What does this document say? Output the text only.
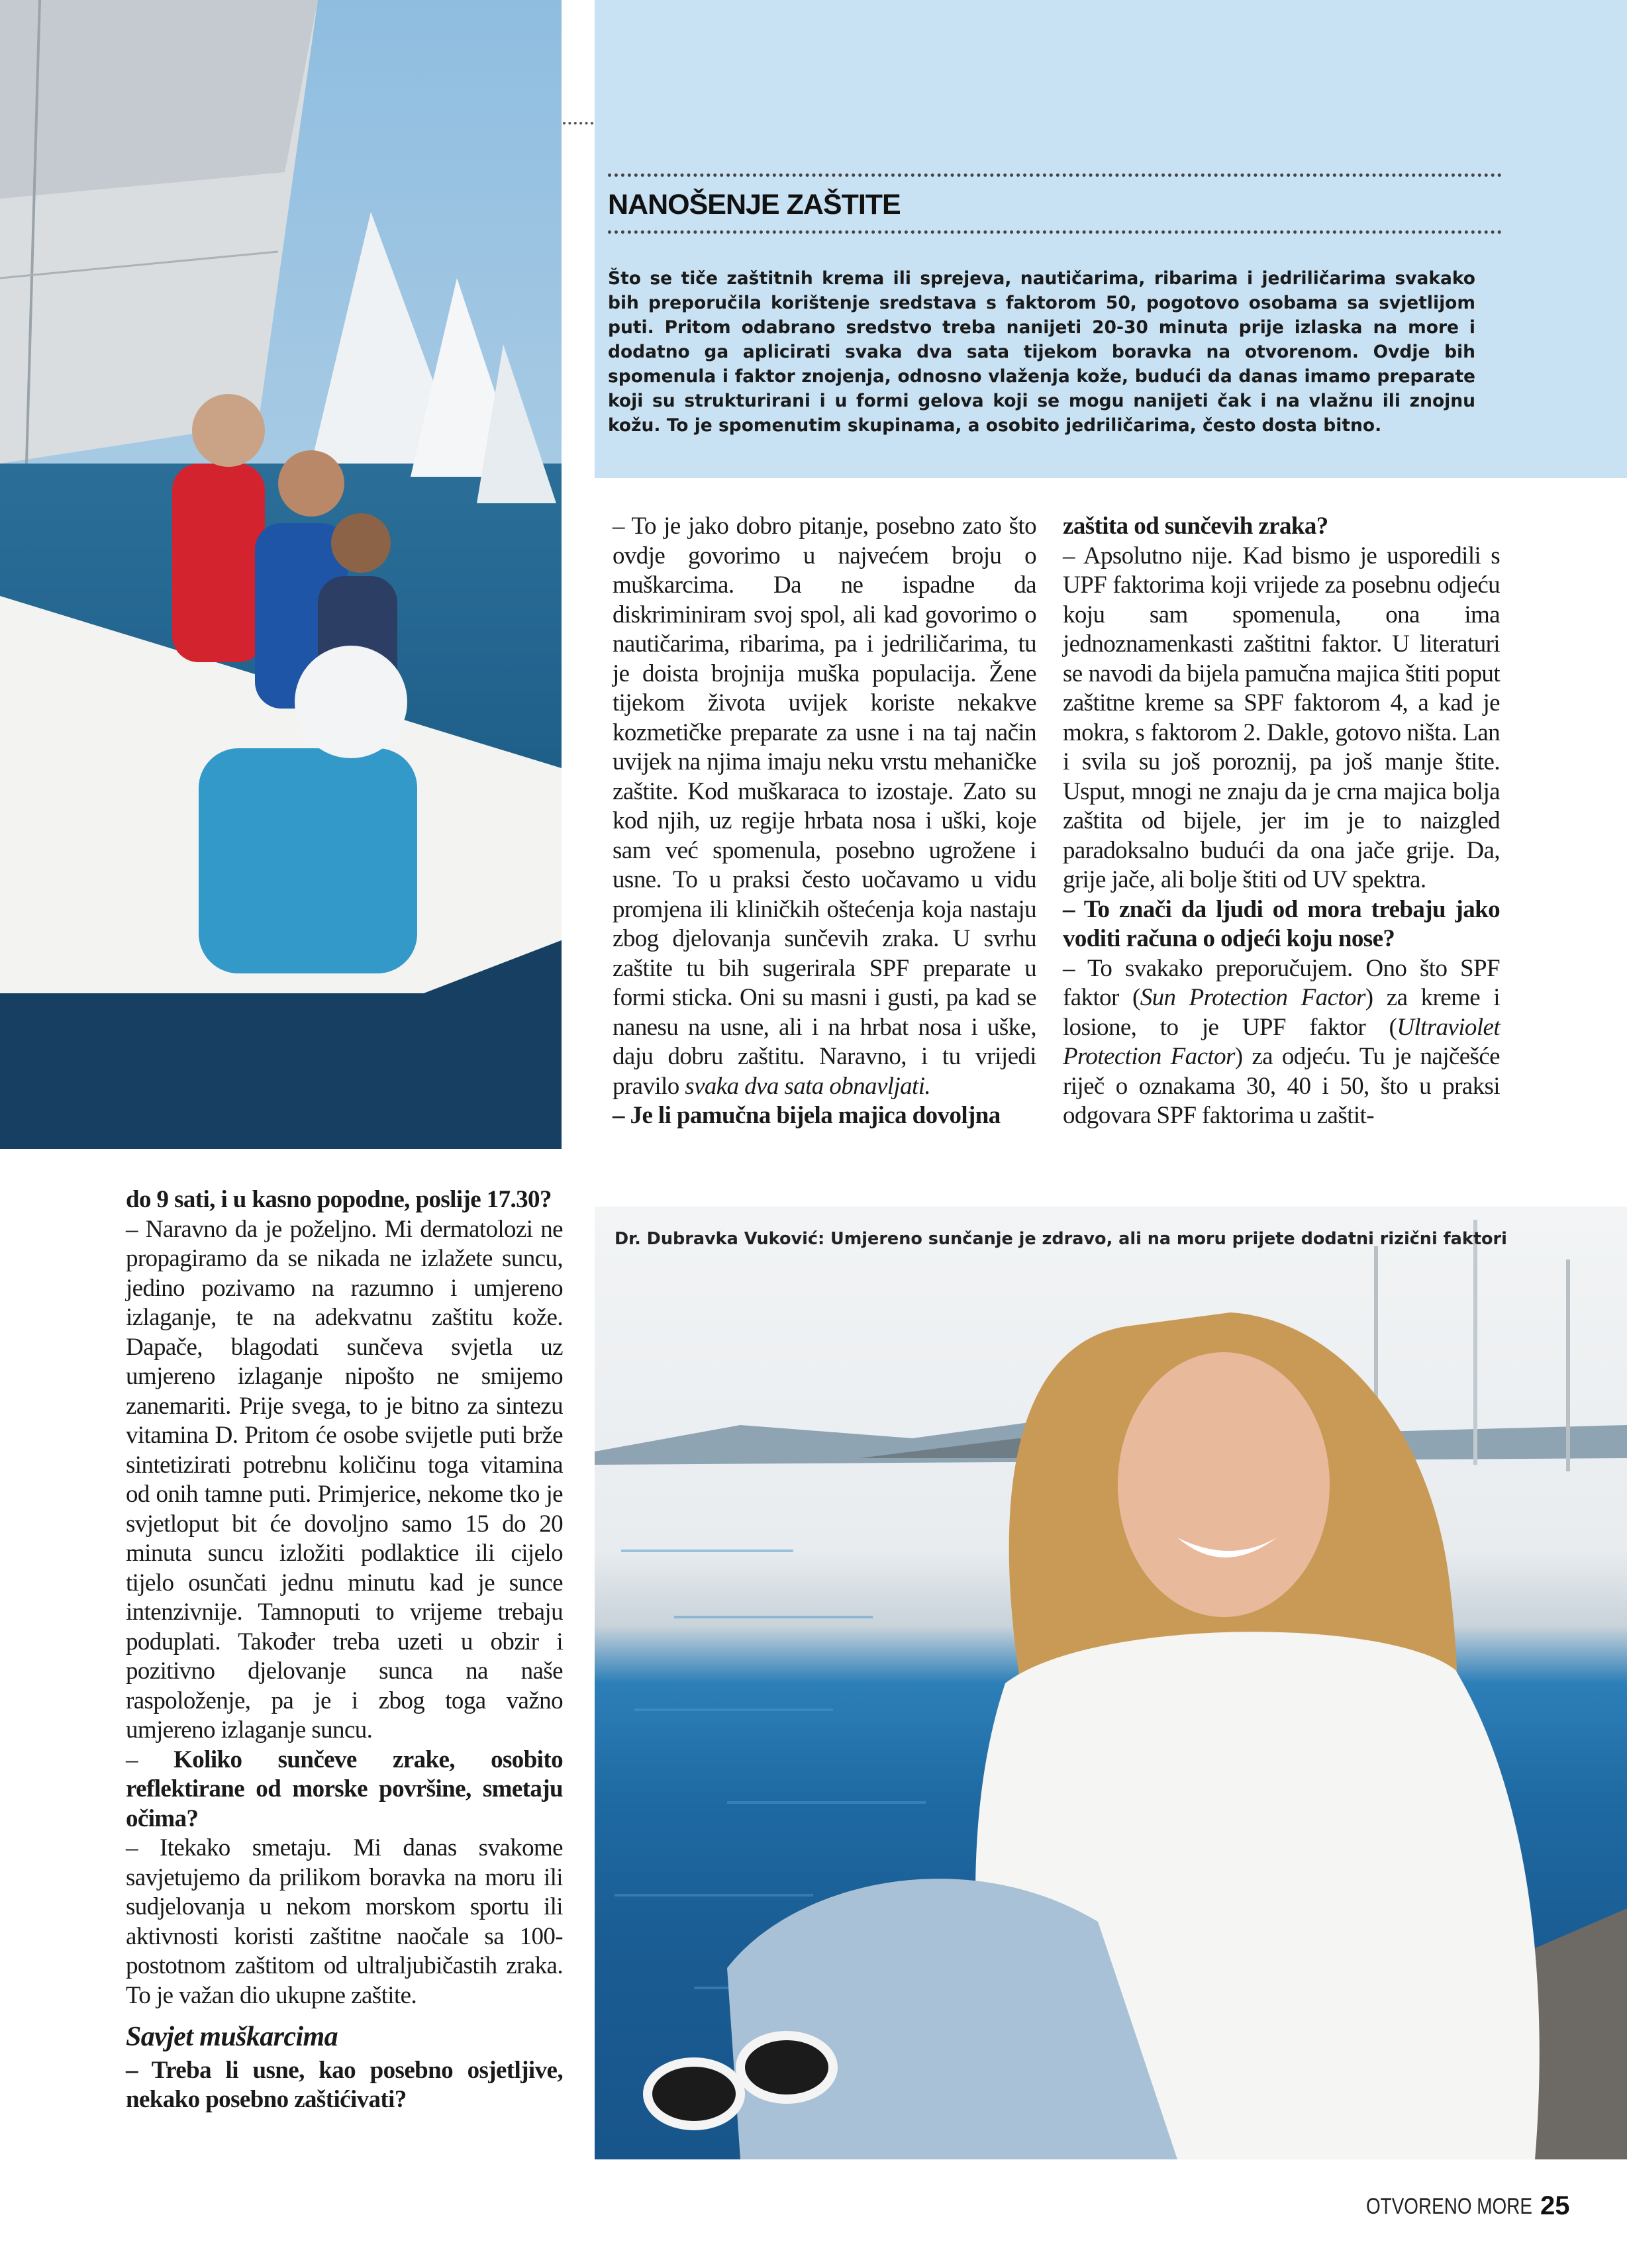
NANOŠENJE ZAŠTITE

Što se tiče zaštitnih krema ili sprejeva, nautičarima, ribarima i jedriličarima svakako bih preporučila korištenje sredstava s faktorom 50, pogotovo osobama sa svjetlijom puti. Pritom odabrano sredstvo treba nanijeti 20-30 minuta prije izlaska na more i dodatno ga aplicirati svaka dva sata tijekom boravka na otvorenom. Ovdje bih spomenula i faktor znojenja, odnosno vlaženja kože, budući da danas imamo preparate koji su strukturirani i u formi gelova koji se mogu nanijeti čak i na vlažnu ili znojnu kožu. To je spomenutim skupinama, a osobito jedriličarima, često dosta bitno.

do 9 sati, i u kasno popodne, poslije 17.30?

– Naravno da je poželjno. Mi dermatolozi ne propagiramo da se nikada ne izlažete suncu, jedino pozivamo na razumno i umjereno izlaganje, te na adekvatnu zaštitu kože. Dapače, blagodati sunčeva svjetla uz umjereno izlaganje nipošto ne smijemo zanemariti. Prije svega, to je bitno za sintezu vitamina D. Pritom će osobe svijetle puti brže sintetizirati potrebnu količinu toga vitamina od onih tamne puti. Primjerice, nekome tko je svjetloput bit će dovoljno samo 15 do 20 minuta suncu izložiti podlaktice ili cijelo tijelo osunčati jednu minutu kad je sunce intenzivnije. Tamnoputi to vrijeme trebaju poduplati. Također treba uzeti u obzir i pozitivno djelovanje sunca na naše raspoloženje, pa je i zbog toga važno umjereno izlaganje suncu.

– Koliko sunčeve zrake, osobito reflektirane od morske površine, smetaju očima?

– Itekako smetaju. Mi danas svakome savjetujemo da prilikom boravka na moru ili sudjelovanja u nekom morskom sportu ili aktivnosti koristi zaštitne naočale sa 100-postotnom zaštitom od ultraljubičastih zraka. To je važan dio ukupne zaštite.

Savjet muškarcima

– Treba li usne, kao posebno osjetljive, nekako posebno zaštićivati?

– To je jako dobro pitanje, posebno zato što ovdje govorimo u najvećem broju o muškarcima. Da ne ispadne da diskriminiram svoj spol, ali kad govorimo o nautičarima, ribarima, pa i jedriličarima, tu je doista brojnija muška populacija. Žene tijekom života uvijek koriste nekakve kozmetičke preparate za usne i na taj način uvijek na njima imaju neku vrstu mehaničke zaštite. Kod muškaraca to izostaje. Zato su kod njih, uz regije hrbata nosa i uški, koje sam već spomenula, posebno ugrožene i usne. To u praksi često uočavamo u vidu promjena ili kliničkih oštećenja koja nastaju zbog djelovanja sunčevih zraka. U svrhu zaštite tu bih sugerirala SPF preparate u formi sticka. Oni su masni i gusti, pa kad se nanesu na usne, ali i na hrbat nosa i uške, daju dobru zaštitu. Naravno, i tu vrijedi pravilo svaka dva sata obnavljati.

– Je li pamučna bijela majica dovoljna

zaštita od sunčevih zraka?

– Apsolutno nije. Kad bismo je usporedili s UPF faktorima koji vrijede za posebnu odjeću koju sam spomenula, ona ima jednoznamenkasti zaštitni faktor. U literaturi se navodi da bijela pamučna majica štiti poput zaštitne kreme sa SPF faktorom 4, a kad je mokra, s faktorom 2. Dakle, gotovo ništa. Lan i svila su još poroznij, pa još manje štite. Usput, mnogi ne znaju da je crna majica bolja zaštita od bijele, jer im je to naizgled paradoksalno budući da ona jače grije. Da, grije jače, ali bolje štiti od UV spektra.

– To znači da ljudi od mora trebaju jako voditi računa o odjeći koju nose?

– To svakako preporučujem. Ono što SPF faktor (Sun Protection Factor) za kreme i losione, to je UPF faktor (Ultraviolet Protection Factor) za odjeću. Tu je najčešće riječ o oznakama 30, 40 i 50, što u praksi odgovara SPF faktorima u zaštit-

Dr. Dubravka Vuković: Umjereno sunčanje je zdravo, ali na moru prijete dodatni rizični faktori

OTVORENO MORE 25
